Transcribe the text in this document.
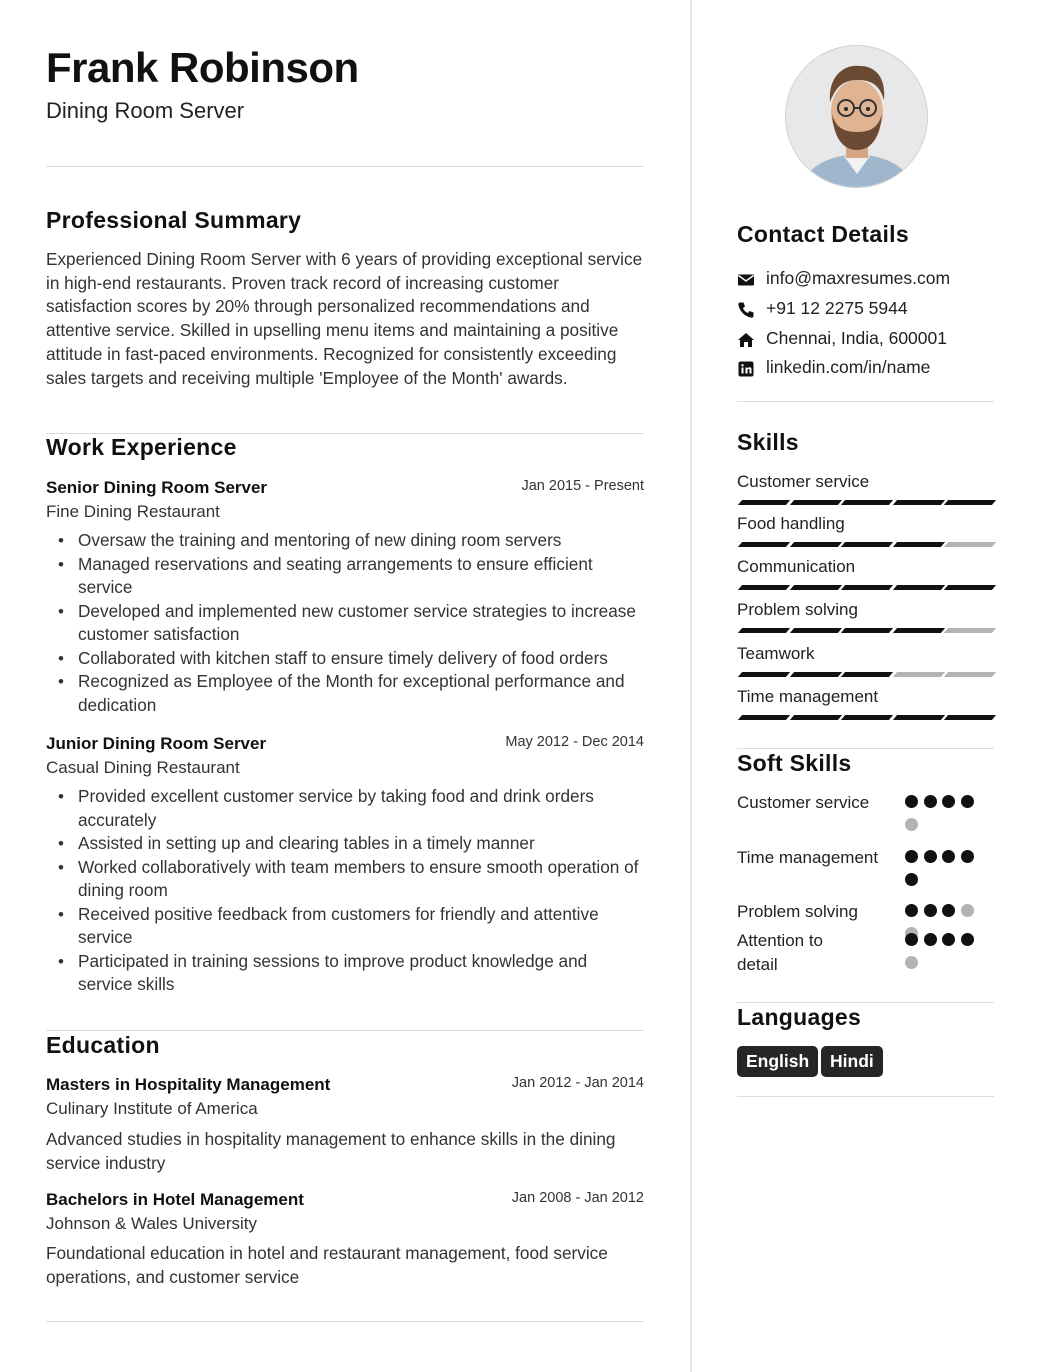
Frank Robinson
Dining Room Server
Professional Summary
Experienced Dining Room Server with 6 years of providing exceptional service in high-end restaurants. Proven track record of increasing customer satisfaction scores by 20% through personalized recommendations and attentive service. Skilled in upselling menu items and maintaining a positive attitude in fast-paced environments. Recognized for consistently exceeding sales targets and receiving multiple 'Employee of the Month' awards.
Work Experience
Senior Dining Room Server	Jan 2015 - Present
Fine Dining Restaurant
• Oversaw the training and mentoring of new dining room servers
• Managed reservations and seating arrangements to ensure efficient service
• Developed and implemented new customer service strategies to increase customer satisfaction
• Collaborated with kitchen staff to ensure timely delivery of food orders
• Recognized as Employee of the Month for exceptional performance and dedication
Junior Dining Room Server	May 2012 - Dec 2014
Casual Dining Restaurant
• Provided excellent customer service by taking food and drink orders accurately
• Assisted in setting up and clearing tables in a timely manner
• Worked collaboratively with team members to ensure smooth operation of dining room
• Received positive feedback from customers for friendly and attentive service
• Participated in training sessions to improve product knowledge and service skills
Education
Masters in Hospitality Management	Jan 2012 - Jan 2014
Culinary Institute of America
Advanced studies in hospitality management to enhance skills in the dining service industry
Bachelors in Hotel Management	Jan 2008 - Jan 2012
Johnson & Wales University
Foundational education in hotel and restaurant management, food service operations, and customer service
Contact Details
info@maxresumes.com
+91 12 2275 5944
Chennai, India, 600001
linkedin.com/in/name
Skills
Customer service
Food handling
Communication
Problem solving
Teamwork
Time management
Soft Skills
Customer service
Time management
Problem solving
Attention to detail
Languages
English	Hindi
